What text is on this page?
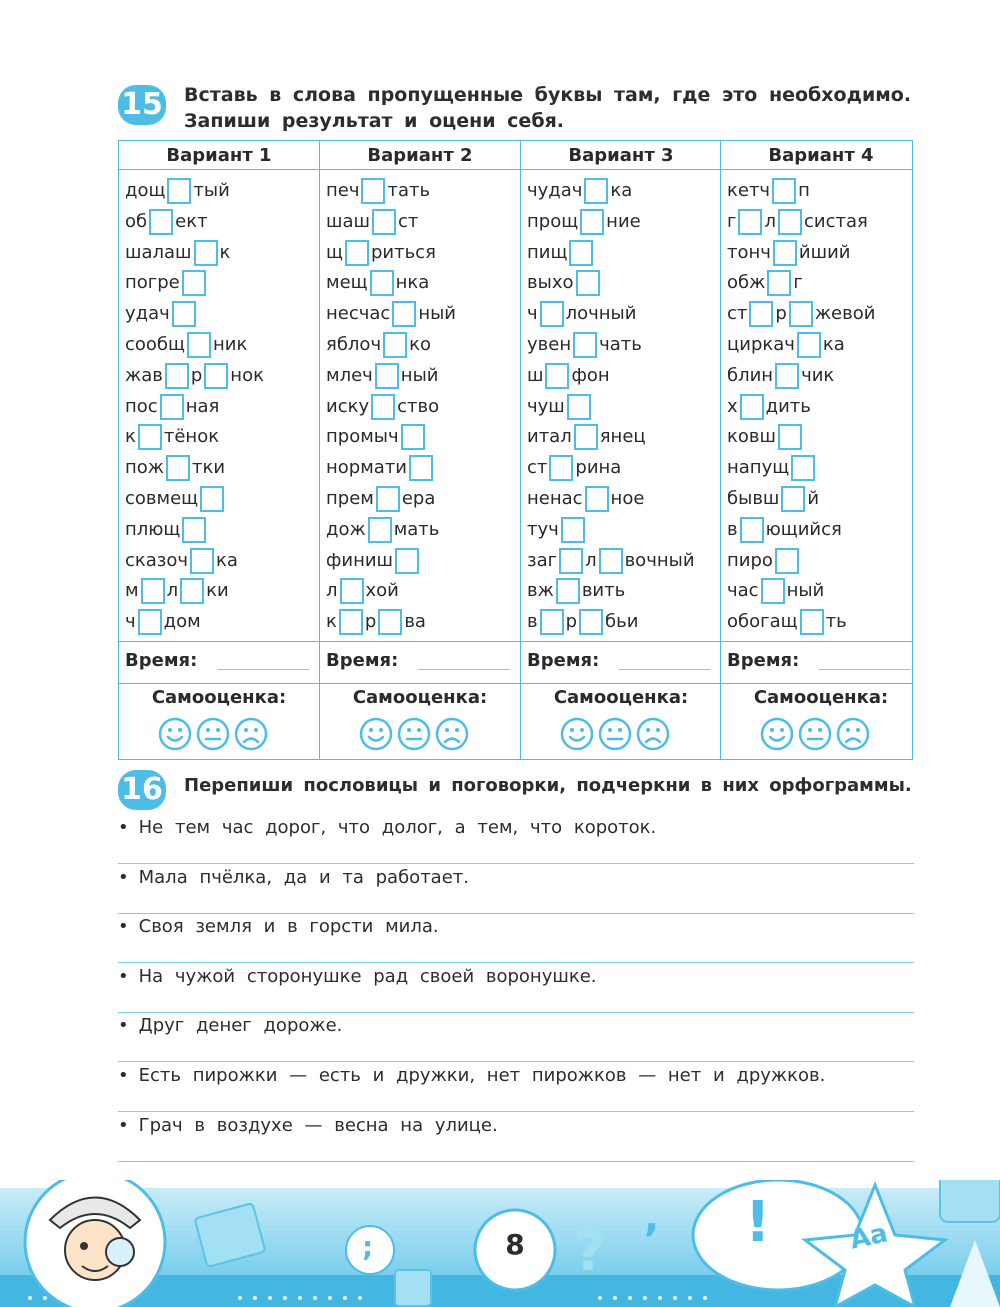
15 Вставь в слова пропущенные буквы там, где это необходимо.
Запиши результат и оцени себя.
Вариант 1
дощ тый
об ект
шалаш к
погре
удач
сообщ ник
жав р нок
пос ная
к тёнок
пож тки
совмещ
плющ
сказоч ка
м л ки
ч дом
Время:
Самооценка:
Вариант 2
печ тать
шаш ст
щ риться
мещ нка
несчас ный
яблоч ко
млеч ный
иску ство
промыч
нормати
прем ера
дож мать
финиш
л хой
к р ва
Время:
Самооценка:
Вариант 3
чудач ка
прощ ние
пищ
выхо
ч лочный
увен чать
ш фон
чуш
итал янец
ст рина
ненас ное
туч
заг л вочный
вж вить
в р бьи
Время:
Самооценка:
Вариант 4
кетч п
г л систая
тонч йший
обж г
ст р жевой
циркач ка
блин чик
х дить
ковш
напущ
бывш й
в ющийся
пиро
час ный
обогащ ть
Время:
Самооценка:
16 Перепиши пословицы и поговорки, подчеркни в них орфограммы.
• Не тем час дорог, что долог, а тем, что короток.
• Мала пчёлка, да и та работает.
• Своя земля и в горсти мила.
• На чужой сторонушке рад своей воронушке.
• Друг денег дороже.
• Есть пирожки — есть и дружки, нет пирожков — нет и дружков.
• Грач в воздухе — весна на улице.
;	8 ?
, !	Aa
